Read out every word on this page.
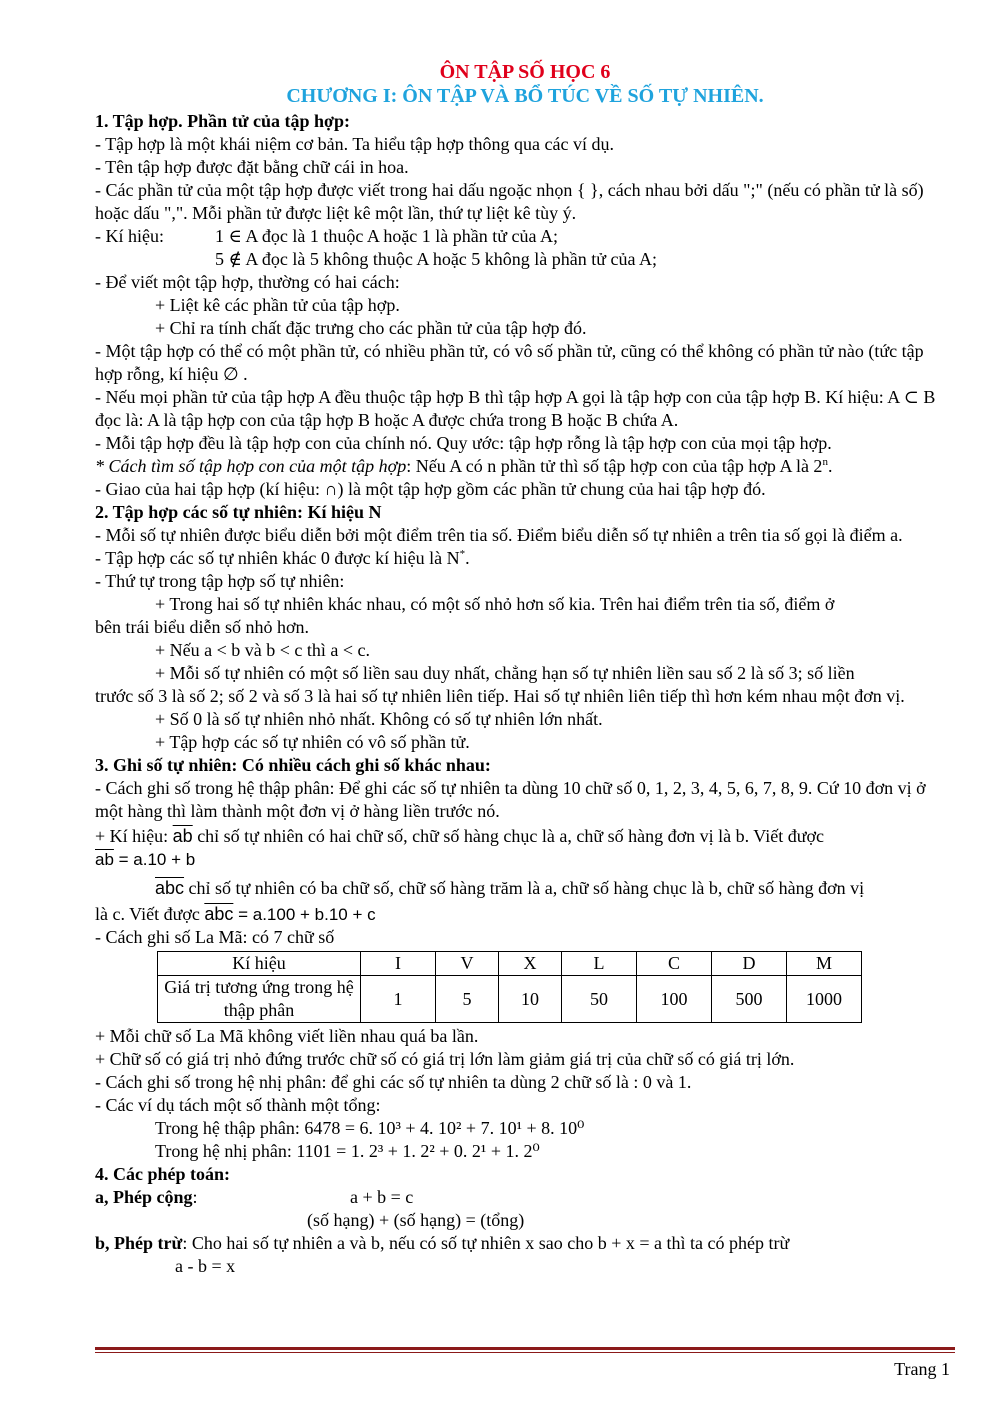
ÔN TẬP SỐ HỌC 6
CHƯƠNG I: ÔN TẬP VÀ BỔ TÚC VỀ SỐ TỰ NHIÊN.
1. Tập hợp. Phần tử của tập hợp:
- Tập hợp là một khái niệm cơ bản. Ta hiểu tập hợp thông qua các ví dụ.
- Tên tập hợp được đặt bằng chữ cái in hoa.
- Các phần tử của một tập hợp được viết trong hai dấu ngoặc nhọn { }, cách nhau bởi dấu ";" (nếu có phần tử là số) hoặc dấu ",". Mỗi phần tử được liệt kê một lần, thứ tự liệt kê tùy ý.
- Kí hiệu:	1 ∈ A đọc là 1 thuộc A hoặc 1 là phần tử của A;
5 ∉ A đọc là 5 không thuộc A hoặc 5 không là phần tử của A;
- Để viết một tập hợp, thường có hai cách:
+ Liệt kê các phần tử của tập hợp.
+ Chỉ ra tính chất đặc trưng cho các phần tử của tập hợp đó.
- Một tập hợp có thể có một phần tử, có nhiều phần tử, có vô số phần tử, cũng có thể không có phần tử nào (tức tập hợp rỗng, kí hiệu ∅ .
- Nếu mọi phần tử của tập hợp A đều thuộc tập hợp B thì tập hợp A gọi là tập hợp con của tập hợp B. Kí hiệu: A ⊂ B đọc là: A là tập hợp con của tập hợp B hoặc A được chứa trong B hoặc B chứa A.
- Mỗi tập hợp đều là tập hợp con của chính nó. Quy ước: tập hợp rỗng là tập hợp con của mọi tập hợp.
* Cách tìm số tập hợp con của một tập hợp: Nếu A có n phần tử thì số tập hợp con của tập hợp A là 2$^n$.
- Giao của hai tập hợp (kí hiệu: ∩) là một tập hợp gồm các phần tử chung của hai tập hợp đó.
2. Tập hợp các số tự nhiên: Kí hiệu N
- Mỗi số tự nhiên được biểu diễn bởi một điểm trên tia số. Điểm biểu diễn số tự nhiên a trên tia số gọi là điểm a.
- Tập hợp các số tự nhiên khác 0 được kí hiệu là N*.
- Thứ tự trong tập hợp số tự nhiên:
+ Trong hai số tự nhiên khác nhau, có một số nhỏ hơn số kia. Trên hai điểm trên tia số, điểm ở
bên trái biểu diễn số nhỏ hơn.
+ Nếu a < b và b < c thì a < c.
+ Mỗi số tự nhiên có một số liền sau duy nhất, chẳng hạn số tự nhiên liền sau số 2 là số 3; số liền
trước số 3 là số 2; số 2 và số 3 là hai số tự nhiên liên tiếp. Hai số tự nhiên liên tiếp thì hơn kém nhau một đơn vị.
+ Số 0 là số tự nhiên nhỏ nhất. Không có số tự nhiên lớn nhất.
+ Tập hợp các số tự nhiên có vô số phần tử.
3. Ghi số tự nhiên: Có nhiều cách ghi số khác nhau:
- Cách ghi số trong hệ thập phân: Để ghi các số tự nhiên ta dùng 10 chữ số 0, 1, 2, 3, 4, 5, 6, 7, 8, 9. Cứ 10 đơn vị ở một hàng thì làm thành một đơn vị ở hàng liền trước nó.
+ Kí hiệu: $\overline{ab}$ chỉ số tự nhiên có hai chữ số, chữ số hàng chục là a, chữ số hàng đơn vị là b. Viết được
$\overline{ab} = a.10 + b$
$\overline{abc}$ chỉ số tự nhiên có ba chữ số, chữ số hàng trăm là a, chữ số hàng chục là b, chữ số hàng đơn vị
là c. Viết được $\overline{abc} = a.100 + b.10 + c$
- Cách ghi số La Mã: có 7 chữ số
Kí hiệu	I	V	X	L	C	D	M
Giá trị tương ứng trong hệ thập phân	1	5	10	50	100	500	1000
+ Mỗi chữ số La Mã không viết liền nhau quá ba lần.
+ Chữ số có giá trị nhỏ đứng trước chữ số có giá trị lớn làm giảm giá trị của chữ số có giá trị lớn.
- Cách ghi số trong hệ nhị phân: để ghi các số tự nhiên ta dùng 2 chữ số là : 0 và 1.
- Các ví dụ tách một số thành một tổng:
Trong hệ thập phân: 6478 = 6. 10³ + 4. 10² + 7. 10¹ + 8. 10⁰
Trong hệ nhị phân: 1101 = 1. 2³ + 1. 2² + 0. 2¹ + 1. 2⁰
4. Các phép toán:
a, Phép cộng:	a + b = c
(số hạng) + (số hạng) = (tổng)
b, Phép trừ: Cho hai số tự nhiên a và b, nếu có số tự nhiên x sao cho b + x = a thì ta có phép trừ
a - b = x
Trang 1
